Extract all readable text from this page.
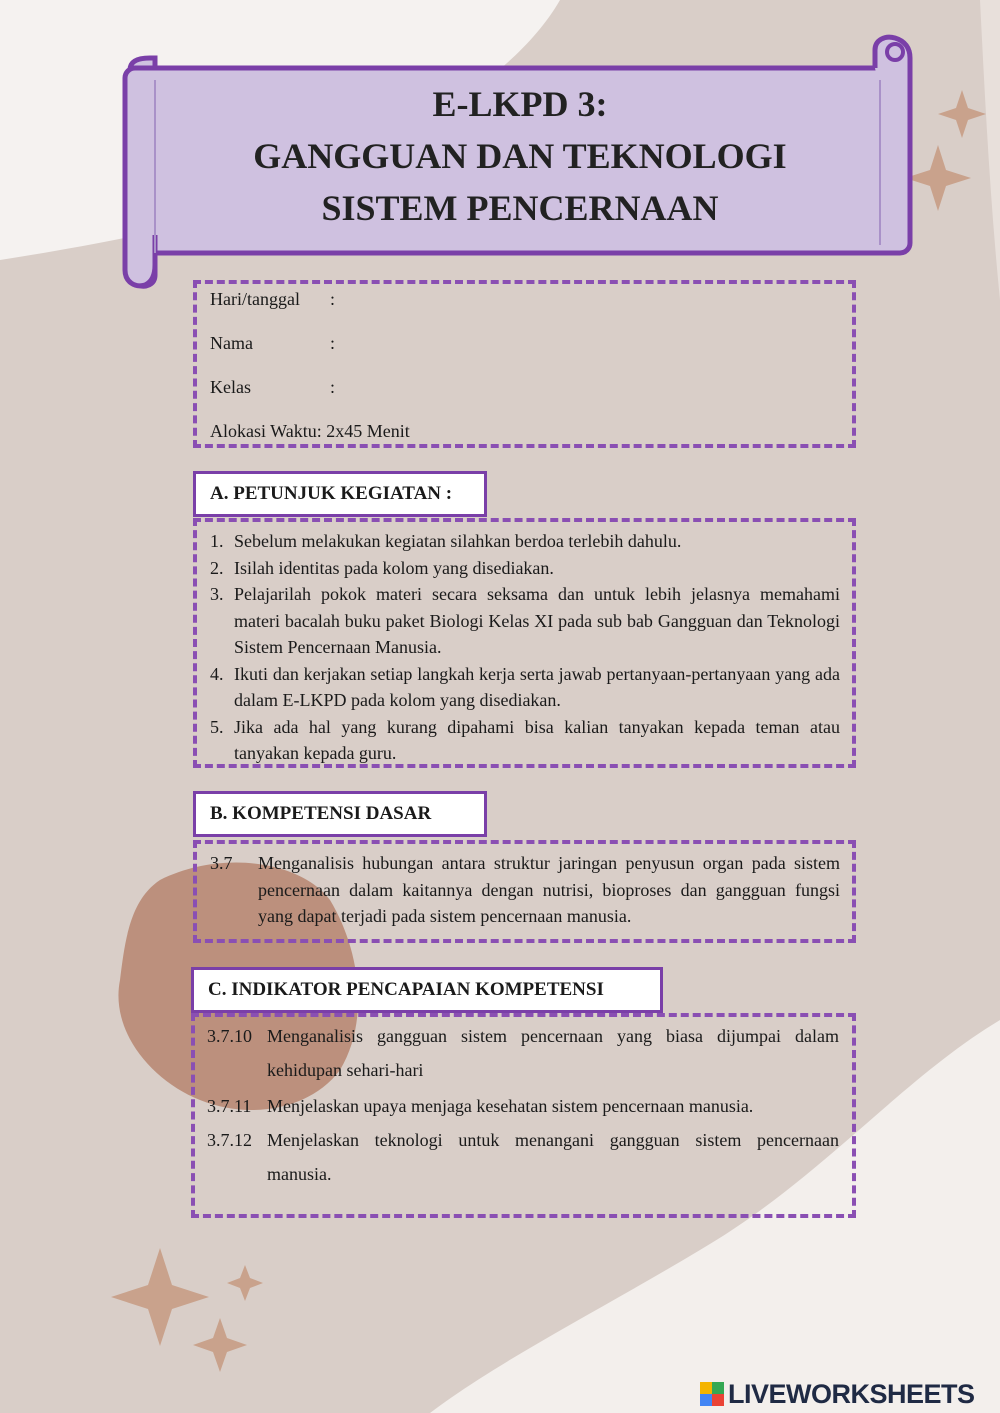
E-LKPD 3:
GANGGUAN DAN TEKNOLOGI
SISTEM PENCERNAAN
Hari/tanggal :
Nama	:
Kelas	:
Alokasi Waktu: 2x45 Menit
A. PETUNJUK KEGIATAN :
1. Sebelum melakukan kegiatan silahkan berdoa terlebih dahulu.
2. Isilah identitas pada kolom yang disediakan.
3. Pelajarilah pokok materi secara seksama dan untuk lebih jelasnya memahami materi bacalah buku paket Biologi Kelas XI pada sub bab Gangguan dan Teknologi Sistem Pencernaan Manusia.
4. Ikuti dan kerjakan setiap langkah kerja serta jawab pertanyaan-pertanyaan yang ada dalam E-LKPD pada kolom yang disediakan.
5. Jika ada hal yang kurang dipahami bisa kalian tanyakan kepada teman atau tanyakan kepada guru.
B. KOMPETENSI DASAR
3.7	Menganalisis hubungan antara struktur jaringan penyusun organ pada sistem pencernaan dalam kaitannya dengan nutrisi, bioproses dan gangguan fungsi yang dapat terjadi pada sistem pencernaan manusia.
C. INDIKATOR PENCAPAIAN KOMPETENSI
3.7.10 Menganalisis gangguan sistem pencernaan yang biasa dijumpai dalam kehidupan sehari-hari
3.7.11 Menjelaskan upaya menjaga kesehatan sistem pencernaan manusia.
3.7.12 Menjelaskan teknologi untuk menangani gangguan sistem pencernaan manusia.
LIVEWORKSHEETS
